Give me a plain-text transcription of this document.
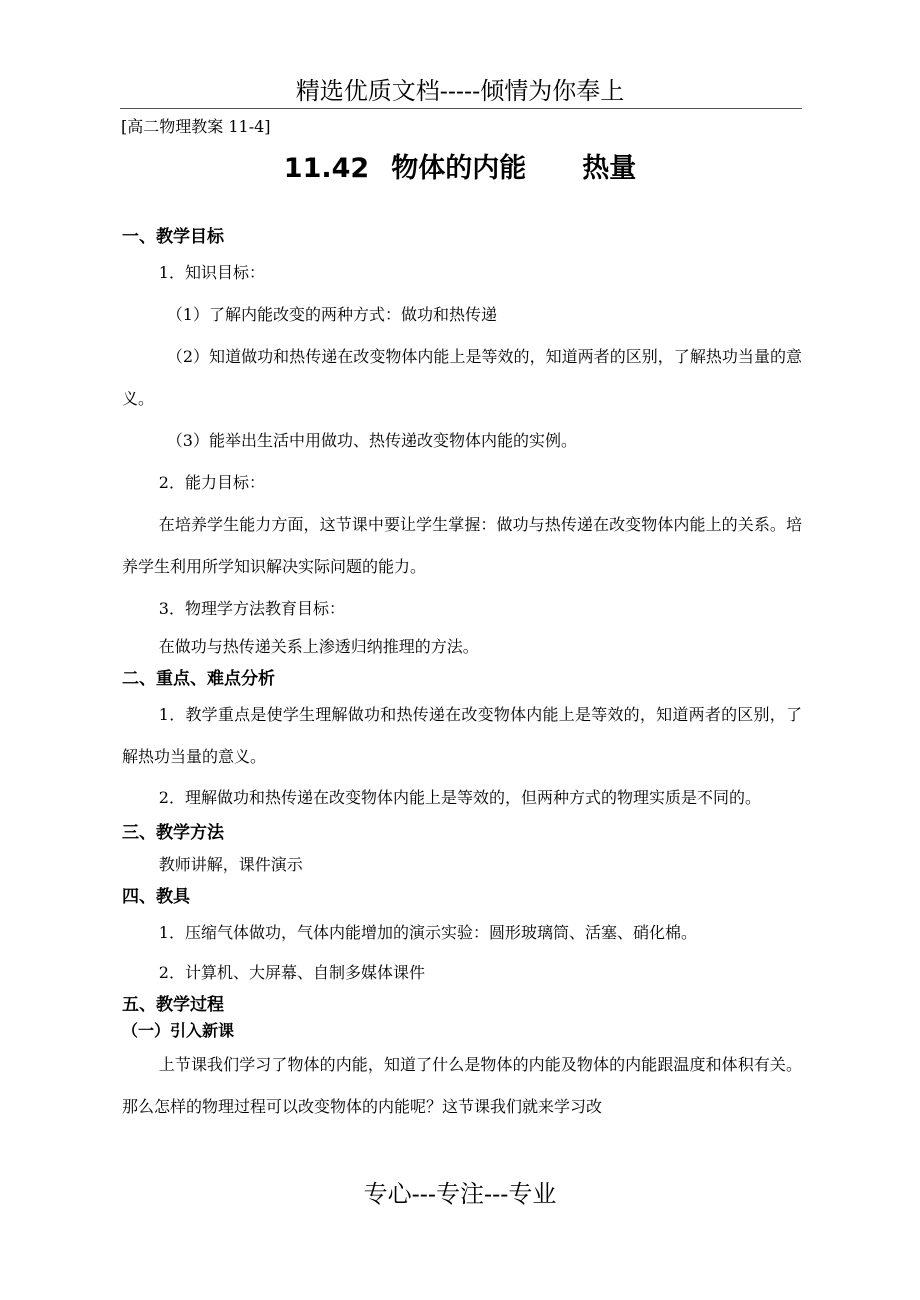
精选优质文档-----倾情为你奉上
[高二物理教案 11-4]
11.42 物体的内能 热量
一、教学目标

1．知识目标：

（1）了解内能改变的两种方式：做功和热传递

（2）知道做功和热传递在改变物体内能上是等效的，知道两者的区别，了解热功当量的意义。

（3）能举出生活中用做功、热传递改变物体内能的实例。

2．能力目标：

在培养学生能力方面，这节课中要让学生掌握：做功与热传递在改变物体内能上的关系。培养学生利用所学知识解决实际问题的能力。

3．物理学方法教育目标：

在做功与热传递关系上渗透归纳推理的方法。

二、重点、难点分析

1．教学重点是使学生理解做功和热传递在改变物体内能上是等效的，知道两者的区别，了解热功当量的意义。

2．理解做功和热传递在改变物体内能上是等效的，但两种方式的物理实质是不同的。

三、教学方法

教师讲解，课件演示

四、教具

1．压缩气体做功，气体内能增加的演示实验：圆形玻璃筒、活塞、硝化棉。

2．计算机、大屏幕、自制多媒体课件

五、教学过程
（一）引入新课

上节课我们学习了物体的内能，知道了什么是物体的内能及物体的内能跟温度和体积有关。那么怎样的物理过程可以改变物体的内能呢？这节课我们就来学习改

专心---专注---专业
